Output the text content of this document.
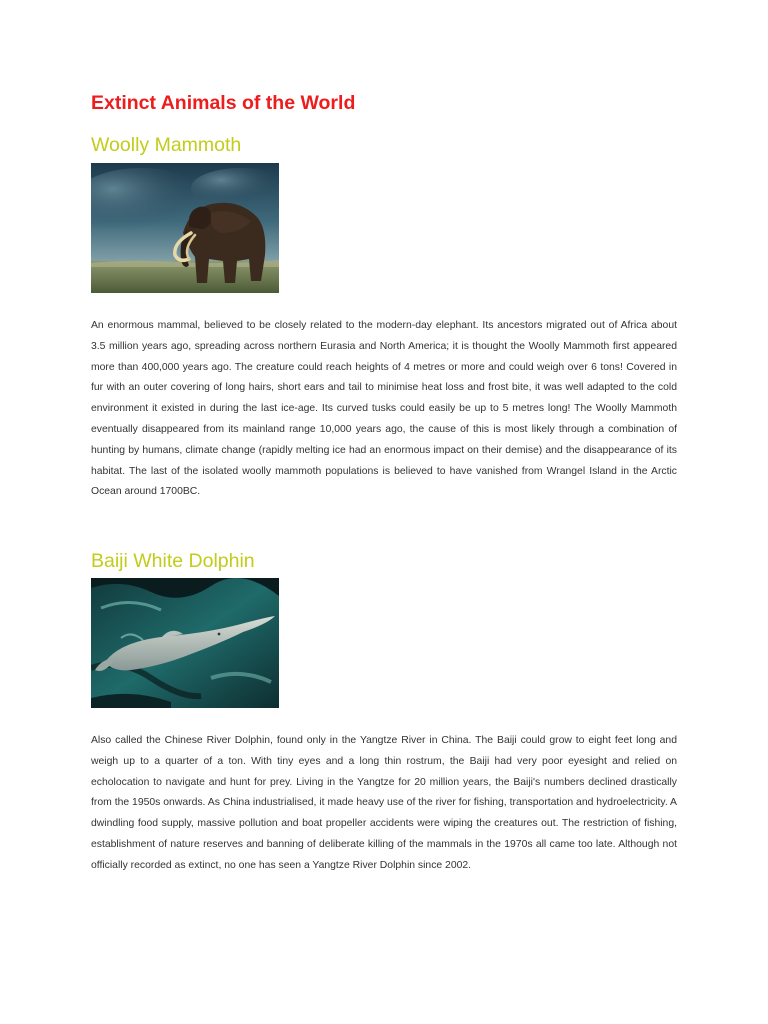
Extinct Animals of the World
Woolly Mammoth

An enormous mammal, believed to be closely related to the modern-day elephant. Its ancestors migrated out of Africa about 3.5 million years ago, spreading across northern Eurasia and North America; it is thought the Woolly Mammoth first appeared more than 400,000 years ago. The creature could reach heights of 4 metres or more and could weigh over 6 tons! Covered in fur with an outer covering of long hairs, short ears and tail to minimise heat loss and frost bite, it was well adapted to the cold environment it existed in during the last ice-age. Its curved tusks could easily be up to 5 metres long! The Woolly Mammoth eventually disappeared from its mainland range 10,000 years ago, the cause of this is most likely through a combination of hunting by humans, climate change (rapidly melting ice had an enormous impact on their demise) and the disappearance of its habitat. The last of the isolated woolly mammoth populations is believed to have vanished from Wrangel Island in the Arctic Ocean around 1700BC.

Baiji White Dolphin

Also called the Chinese River Dolphin, found only in the Yangtze River in China. The Baiji could grow to eight feet long and weigh up to a quarter of a ton. With tiny eyes and a long thin rostrum, the Baiji had very poor eyesight and relied on echolocation to navigate and hunt for prey. Living in the Yangtze for 20 million years, the Baiji's numbers declined drastically from the 1950s onwards. As China industrialised, it made heavy use of the river for fishing, transportation and hydroelectricity. A dwindling food supply, massive pollution and boat propeller accidents were wiping the creatures out. The restriction of fishing, establishment of nature reserves and banning of deliberate killing of the mammals in the 1970s all came too late. Although not officially recorded as extinct, no one has seen a Yangtze River Dolphin since 2002.
